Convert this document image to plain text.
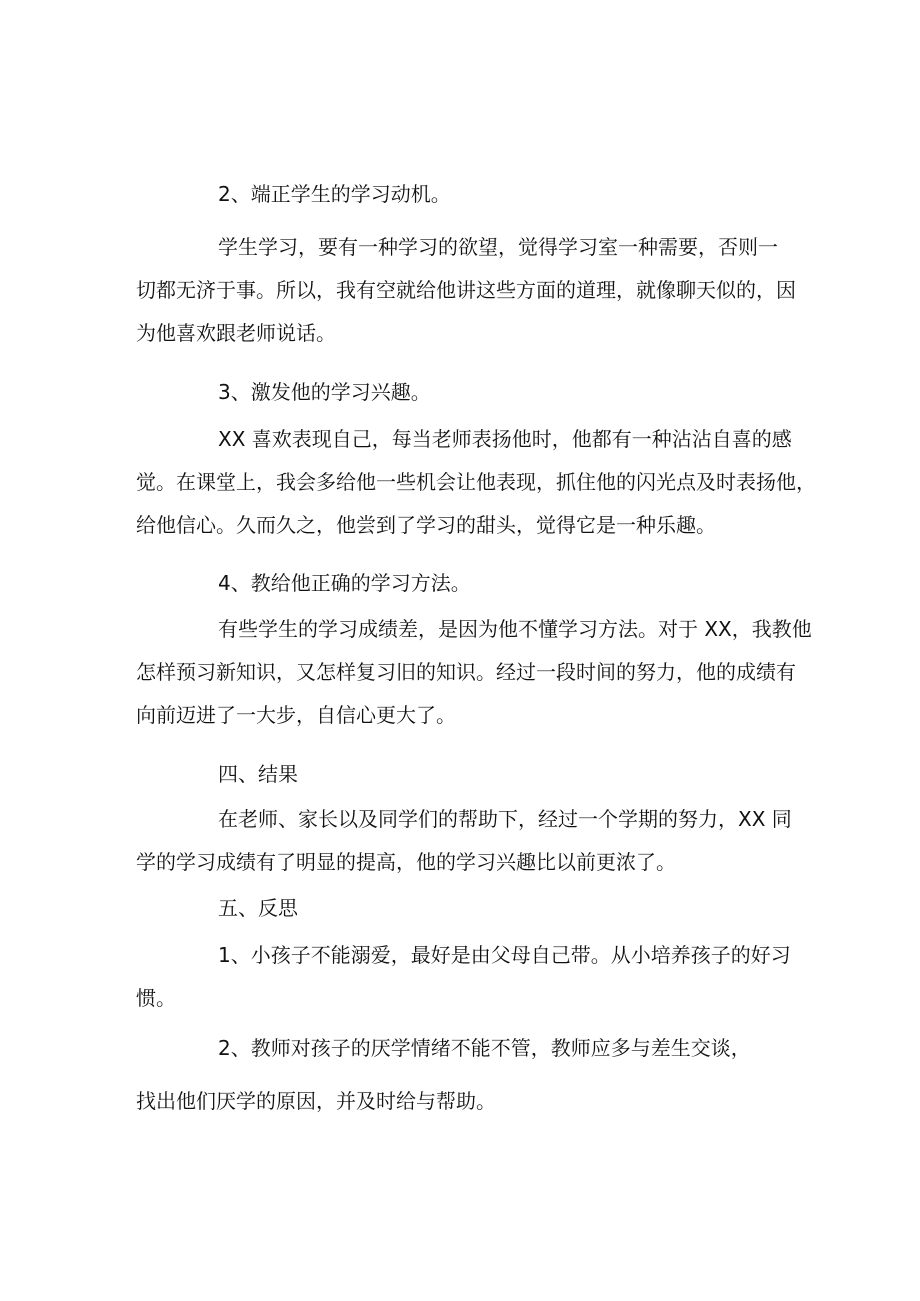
2、端正学生的学习动机。
学生学习，要有一种学习的欲望，觉得学习室一种需要，否则一
切都无济于事。所以，我有空就给他讲这些方面的道理，就像聊天似的，因
为他喜欢跟老师说话。
3、激发他的学习兴趣。
XX 喜欢表现自己，每当老师表扬他时，他都有一种沾沾自喜的感
觉。在课堂上，我会多给他一些机会让他表现，抓住他的闪光点及时表扬他，
给他信心。久而久之，他尝到了学习的甜头，觉得它是一种乐趣。
4、教给他正确的学习方法。
有些学生的学习成绩差，是因为他不懂学习方法。对于 XX，我教他
怎样预习新知识，又怎样复习旧的知识。经过一段时间的努力，他的成绩有
向前迈进了一大步，自信心更大了。
四、结果
在老师、家长以及同学们的帮助下，经过一个学期的努力，XX 同
学的学习成绩有了明显的提高，他的学习兴趣比以前更浓了。
五、反思
1、小孩子不能溺爱，最好是由父母自己带。从小培养孩子的好习
惯。
2、教师对孩子的厌学情绪不能不管，教师应多与差生交谈，
找出他们厌学的原因，并及时给与帮助。
